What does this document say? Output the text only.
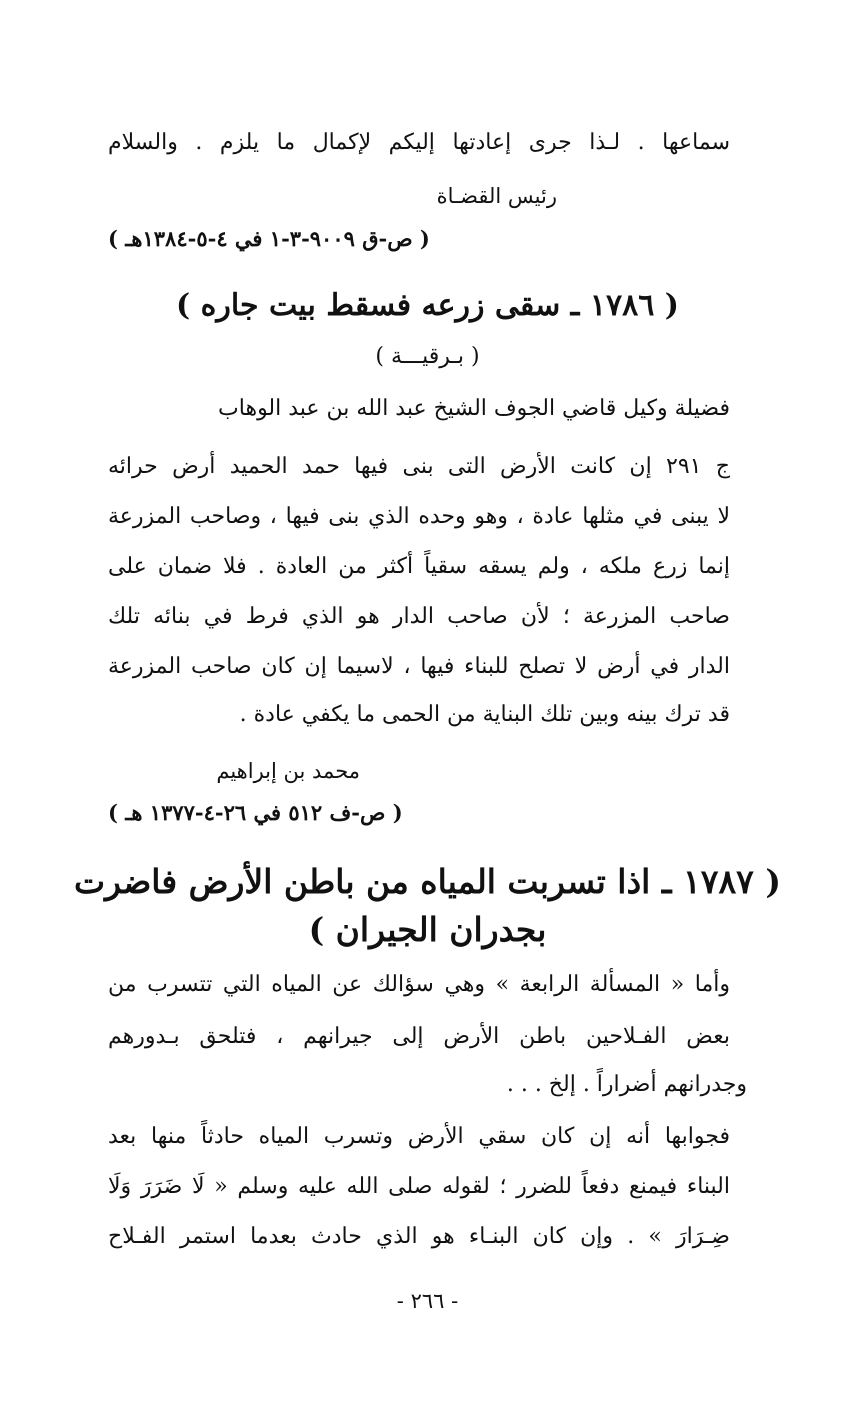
سماعها . لـذا جرى إعادتها إليكم لإكمال ما يلزم . والسلام
رئيس القضـاة
( ص-ق ٩٠٠٩-٣-١ في ٤-٥-١٣٨٤هـ )
( ١٧٨٦ ـ سقى زرعه فسقط بيت جاره )
( بـرقيـــة )
فضيلة وكيل قاضي الجوف الشيخ عبد الله بن عبد الوهاب
ج ٢٩١ إن كانت الأرض التى بنى فيها حمد الحميد أرض حرائه
لا يبنى في مثلها عادة ، وهو وحده الذي بنى فيها ، وصاحب المزرعة
إنما زرع ملكه ، ولم يسقه سقياً أكثر من العادة . فلا ضمان على
صاحب المزرعة ؛ لأن صاحب الدار هو الذي فرط في بنائه تلك
الدار في أرض لا تصلح للبناء فيها ، لاسيما إن كان صاحب المزرعة
قد ترك بينه وبين تلك البناية من الحمى ما يكفي عادة .
محمد بن إبراهيم
( ص-ف ٥١٢ في ٢٦-٤-١٣٧٧ هـ )
( ١٧٨٧ ـ اذا تسربت المياه من باطن الأرض فاضرت
بجدران الجيران )
وأما « المسألة الرابعة » وهي سؤالك عن المياه التي تتسرب من
بعض الفـلاحين باطن الأرض إلى جيرانهم ، فتلحق بـدورهم
وجدرانهم أضراراً . إلخ . . .
فجوابها أنه إن كان سقي الأرض وتسرب المياه حادثاً منها بعد
البناء فيمنع دفعاً للضرر ؛ لقوله صلى الله عليه وسلم « لَا ضَرَرَ وَلَا
ضِـرَارَ » . وإن كان البنـاء هو الذي حادث بعدما استمر الفـلاح
- ٢٦٦ -
